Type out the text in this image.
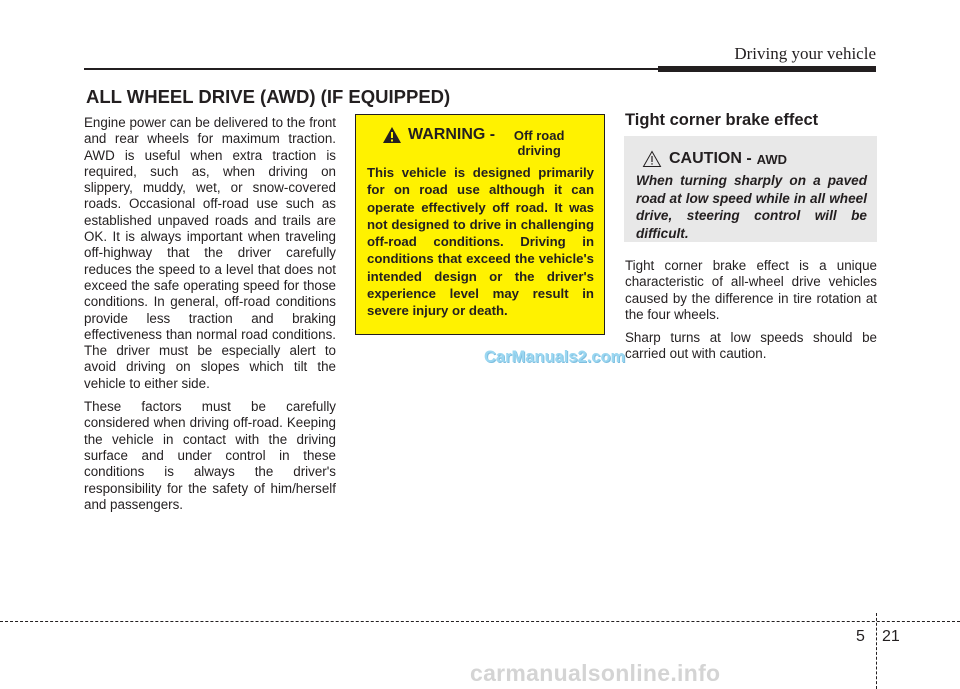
Driving your vehicle
ALL WHEEL DRIVE (AWD) (IF EQUIPPED)

Engine power can be delivered to the front and rear wheels for maximum traction. AWD is useful when extra traction is required, such as, when driving on slippery, muddy, wet, or snow-covered roads. Occasional off-road use such as established unpaved roads and trails are OK. It is always important when traveling off-highway that the driver carefully reduces the speed to a level that does not exceed the safe operating speed for those conditions. In general, off-road conditions provide less traction and braking effectiveness than normal road conditions. The driver must be especially alert to avoid driving on slopes which tilt the vehicle to either side.

These factors must be carefully considered when driving off-road. Keeping the vehicle in contact with the driving surface and under control in these conditions is always the driver's responsibility for the safety of him/herself and passengers.

WARNING -	Off road driving

This vehicle is designed primarily for on road use although it can operate effectively off road. It was not designed to drive in challenging off-road conditions. Driving in conditions that exceed the vehicle's intended design or the driver's experience level may result in severe injury or death.

Tight corner brake effect
CAUTION - AWD

When turning sharply on a paved road at low speed while in all wheel drive, steering control will be difficult.

Tight corner brake effect is a unique characteristic of all-wheel drive vehicles caused by the difference in tire rotation at the four wheels.

Sharp turns at low speeds should be carried out with caution.

CarManuals2.com
5 21
carmanualsonline.info
